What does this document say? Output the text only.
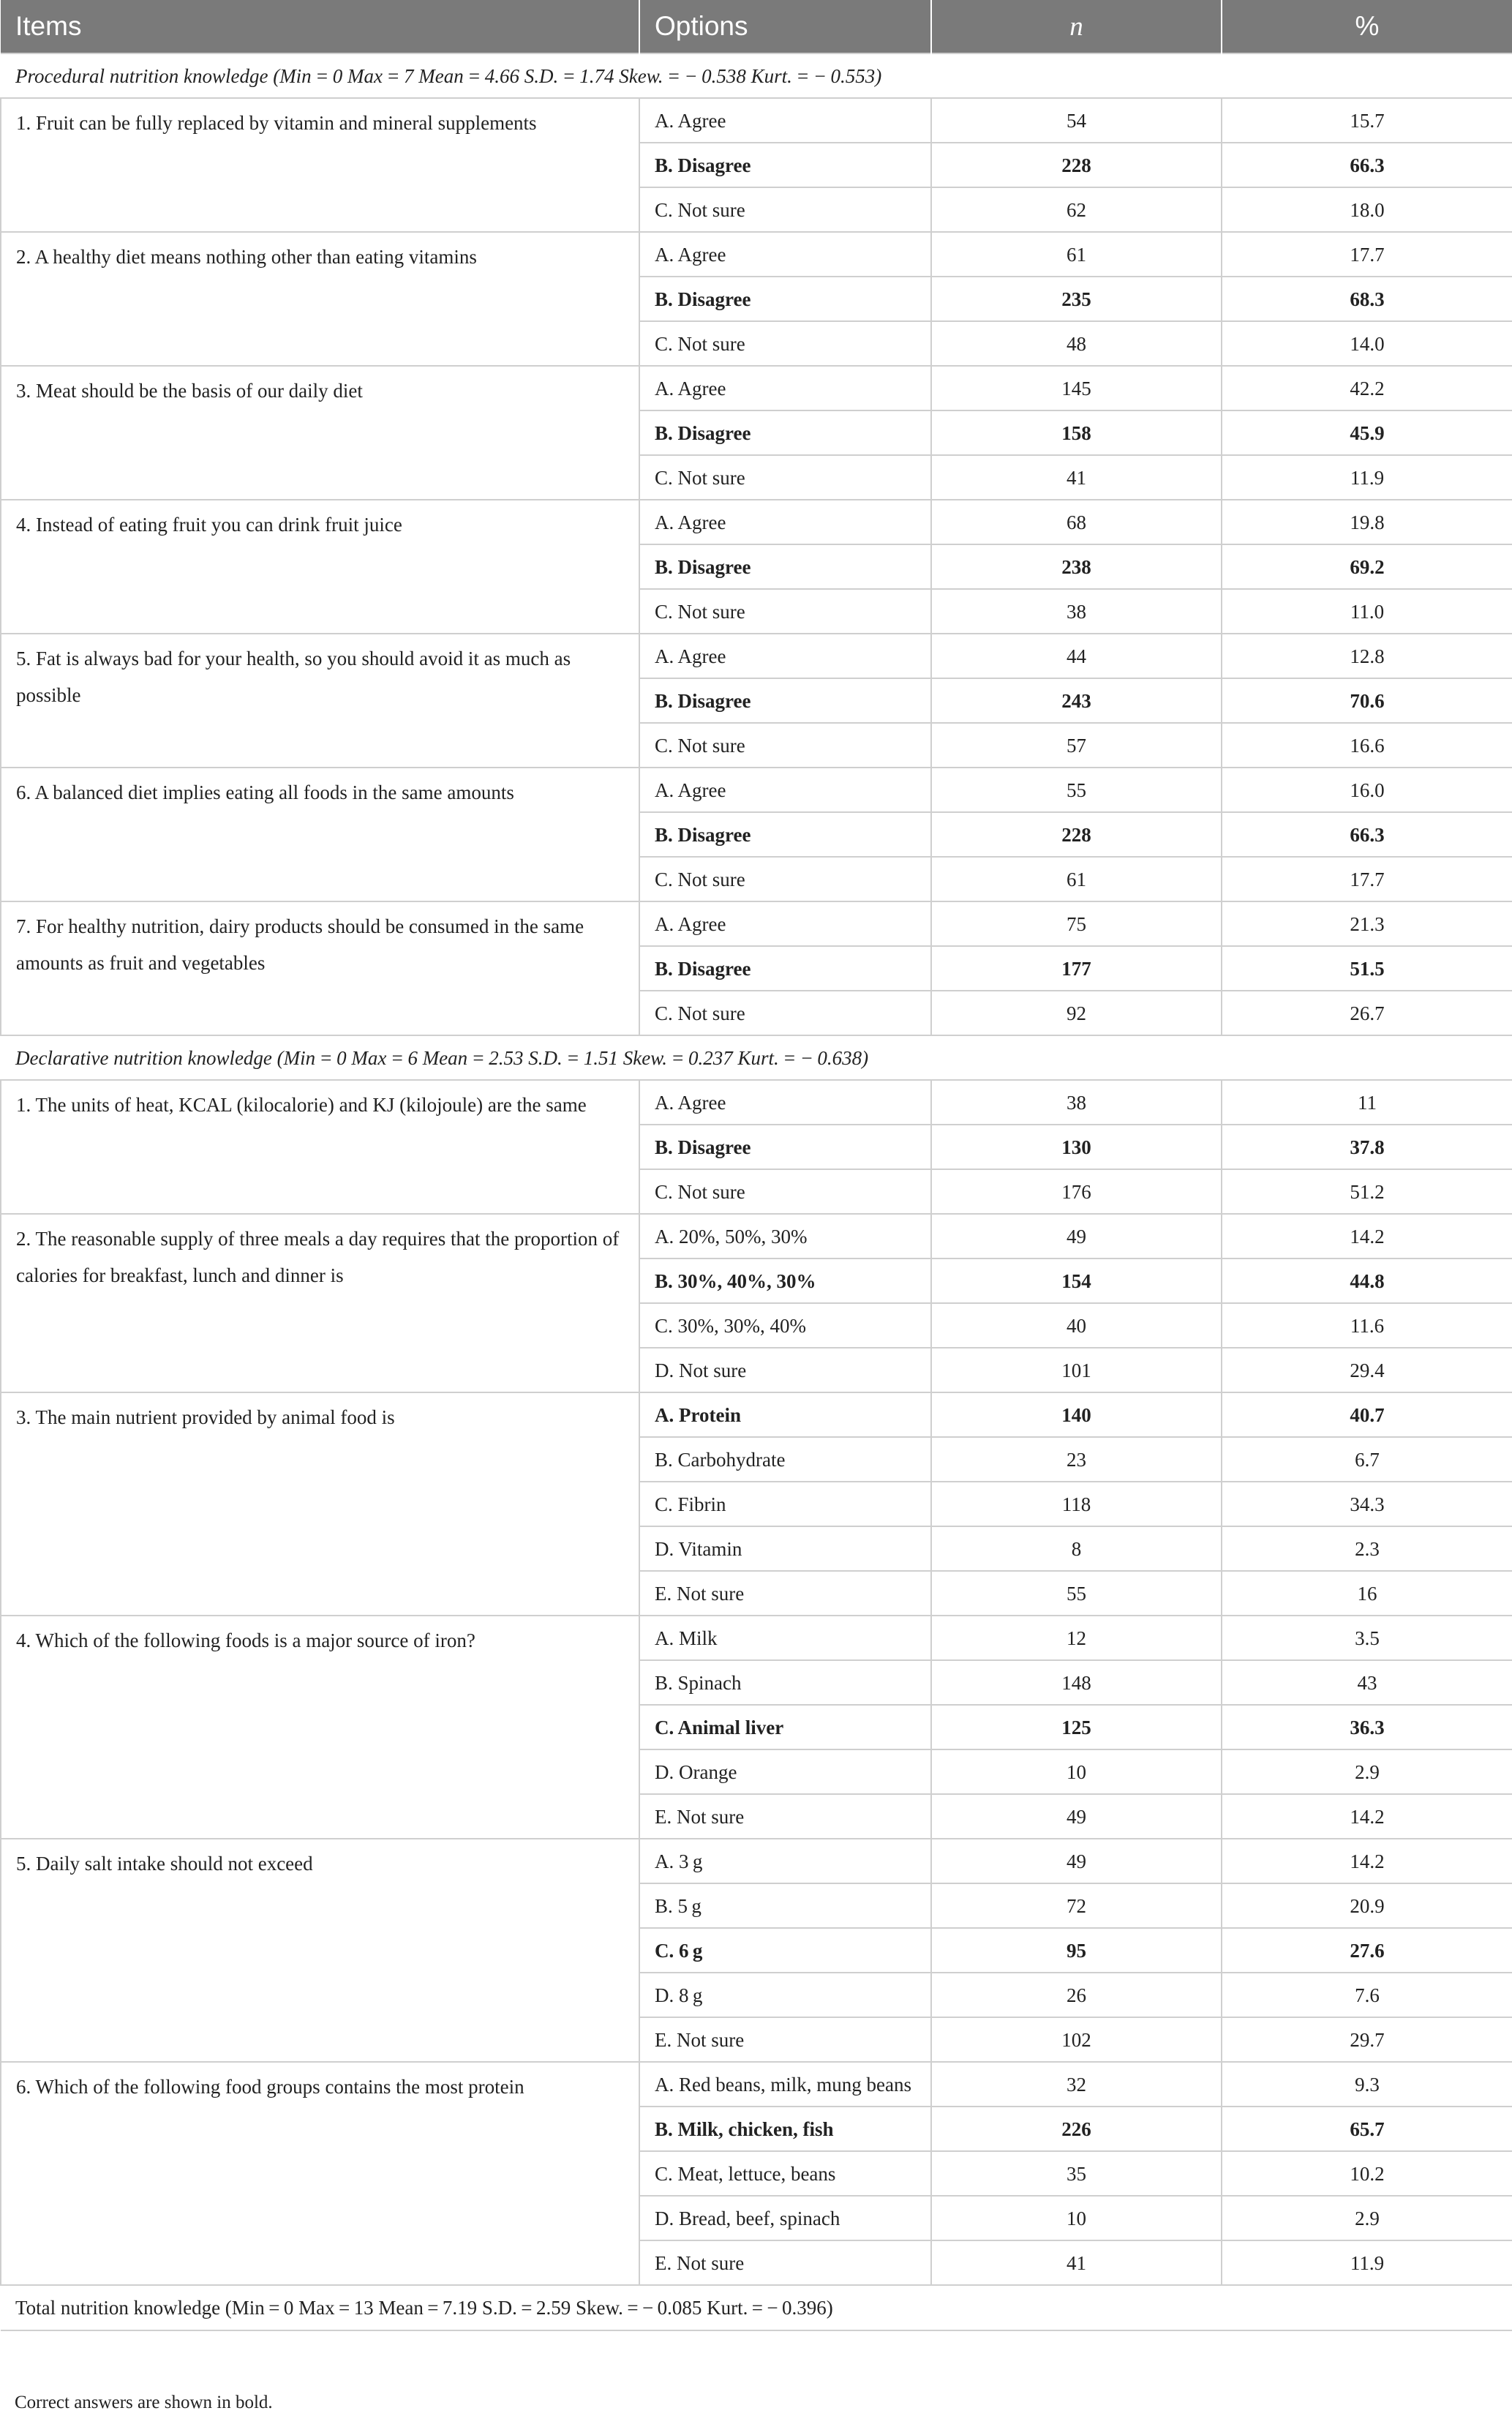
Items	Options	n	%
Procedural nutrition knowledge (Min = 0 Max = 7 Mean = 4.66 S.D. = 1.74 Skew. = − 0.538 Kurt. = − 0.553)			
1. Fruit can be fully replaced by vitamin and mineral supplements	A. Agree	54	15.7
	B. Disagree	228	66.3
	C. Not sure	62	18.0
2. A healthy diet means nothing other than eating vitamins	A. Agree	61	17.7
	B. Disagree	235	68.3
	C. Not sure	48	14.0
3. Meat should be the basis of our daily diet	A. Agree	145	42.2
	B. Disagree	158	45.9
	C. Not sure	41	11.9
4. Instead of eating fruit you can drink fruit juice	A. Agree	68	19.8
	B. Disagree	238	69.2
	C. Not sure	38	11.0
5. Fat is always bad for your health, so you should avoid it as much as possible	A. Agree	44	12.8
	B. Disagree	243	70.6
	C. Not sure	57	16.6
6. A balanced diet implies eating all foods in the same amounts	A. Agree	55	16.0
	B. Disagree	228	66.3
	C. Not sure	61	17.7
7. For healthy nutrition, dairy products should be consumed in the same amounts as fruit and vegetables	A. Agree	75	21.3
	B. Disagree	177	51.5
	C. Not sure	92	26.7
Declarative nutrition knowledge (Min = 0 Max = 6 Mean = 2.53 S.D. = 1.51 Skew. = 0.237 Kurt. = − 0.638)			
1. The units of heat, KCAL (kilocalorie) and KJ (kilojoule) are the same	A. Agree	38	11
	B. Disagree	130	37.8
	C. Not sure	176	51.2
2. The reasonable supply of three meals a day requires that the proportion of calories for breakfast, lunch and dinner is	A. 20%, 50%, 30%	49	14.2
	B. 30%, 40%, 30%	154	44.8
	C. 30%, 30%, 40%	40	11.6
	D. Not sure	101	29.4
3. The main nutrient provided by animal food is	A. Protein	140	40.7
	B. Carbohydrate	23	6.7
	C. Fibrin	118	34.3
	D. Vitamin	8	2.3
	E. Not sure	55	16
4. Which of the following foods is a major source of iron?	A. Milk	12	3.5
	B. Spinach	148	43
	C. Animal liver	125	36.3
	D. Orange	10	2.9
	E. Not sure	49	14.2
5. Daily salt intake should not exceed	A. 3 g	49	14.2
	B. 5 g	72	20.9
	C. 6 g	95	27.6
	D. 8 g	26	7.6
	E. Not sure	102	29.7
6. Which of the following food groups contains the most protein	A. Red beans, milk, mung beans	32	9.3
	B. Milk, chicken, fish	226	65.7
	C. Meat, lettuce, beans	35	10.2
	D. Bread, beef, spinach	10	2.9
	E. Not sure	41	11.9
Total nutrition knowledge (Min = 0 Max = 13 Mean = 7.19 S.D. = 2.59 Skew. = − 0.085 Kurt. = − 0.396)			
Correct answers are shown in bold.
